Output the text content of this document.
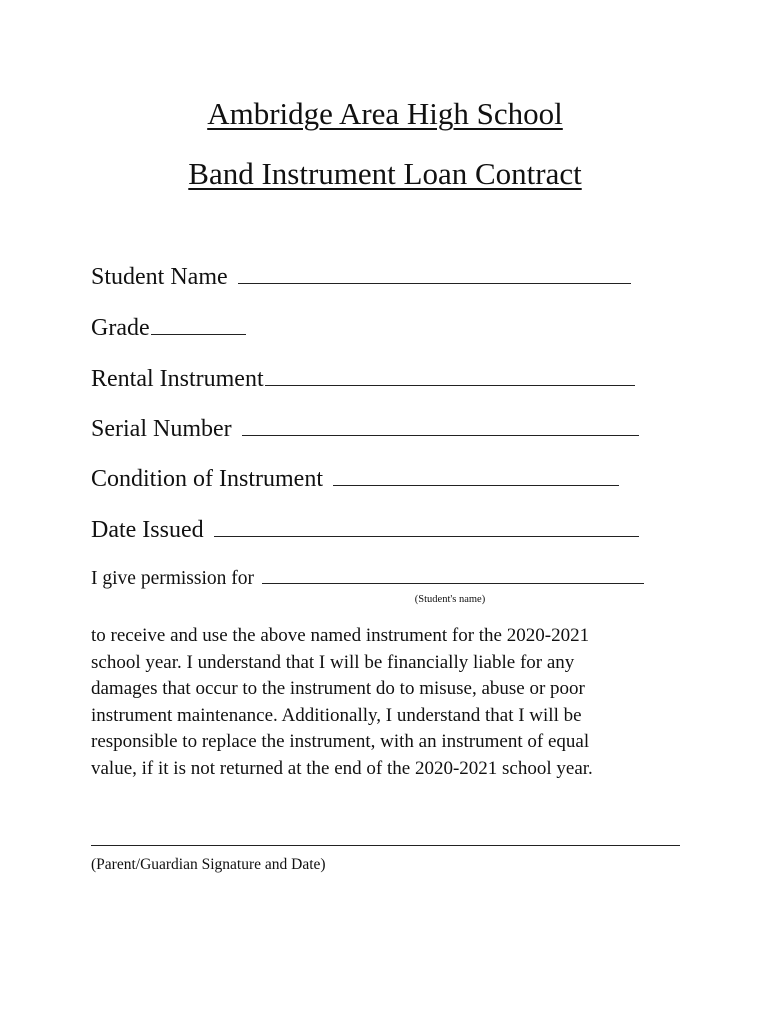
Ambridge Area High School
Band Instrument Loan Contract
Student Name
Grade
Rental Instrument
Serial Number
Condition of Instrument
Date Issued
I give permission for
(Student's name)
to receive and use the above named instrument for the 2020-2021
school year. I understand that I will be financially liable for any
damages that occur to the instrument do to misuse, abuse or poor
instrument maintenance. Additionally, I understand that I will be
responsible to replace the instrument, with an instrument of equal
value, if it is not returned at the end of the 2020-2021 school year.
(Parent/Guardian Signature and Date)
